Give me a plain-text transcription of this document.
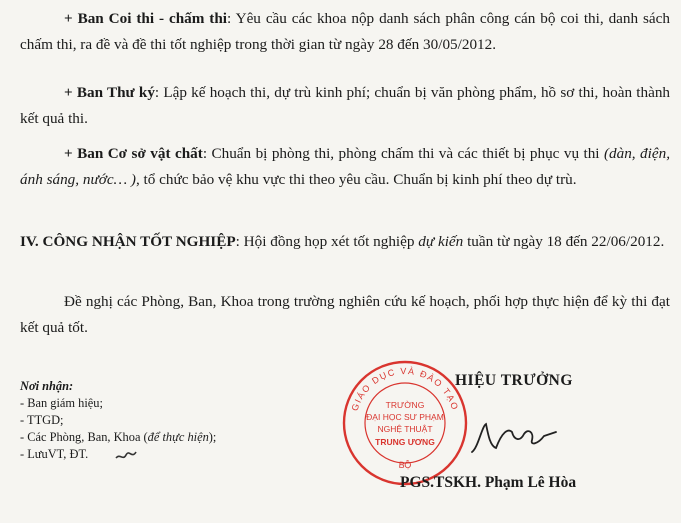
+ Ban Coi thi - chấm thi: Yêu cầu các khoa nộp danh sách phân công cán bộ coi thi, danh sách chấm thi, ra đề và đề thi tốt nghiệp trong thời gian từ ngày 28 đến 30/05/2012.
+ Ban Thư ký: Lập kế hoạch thi, dự trù kinh phí; chuẩn bị văn phòng phẩm, hồ sơ thi, hoàn thành kết quả thi.
+ Ban Cơ sở vật chất: Chuẩn bị phòng thi, phòng chấm thi và các thiết bị phục vụ thi (dàn, điện, ánh sáng, nước… ), tổ chức bảo vệ khu vực thi theo yêu cầu. Chuẩn bị kinh phí theo dự trù.
IV. CÔNG NHẬN TỐT NGHIỆP: Hội đồng họp xét tốt nghiệp dự kiến tuần từ ngày 18 đến 22/06/2012.
Đề nghị các Phòng, Ban, Khoa trong trường nghiên cứu kế hoạch, phối hợp thực hiện để kỳ thi đạt kết quả tốt.
Nơi nhận:
- Ban giám hiệu;
- TTGD;
- Các Phòng, Ban, Khoa (để thực hiện);
- LưuVT, ĐT.
GIÁO DỤC VÀ ĐÀO TẠO
BỘ
TRƯỜNG
ĐẠI HỌC SƯ PHẠM
NGHỆ THUẬT
TRUNG ƯƠNG
HIỆU TRƯỞNG
PGS.TSKH. Phạm Lê Hòa
